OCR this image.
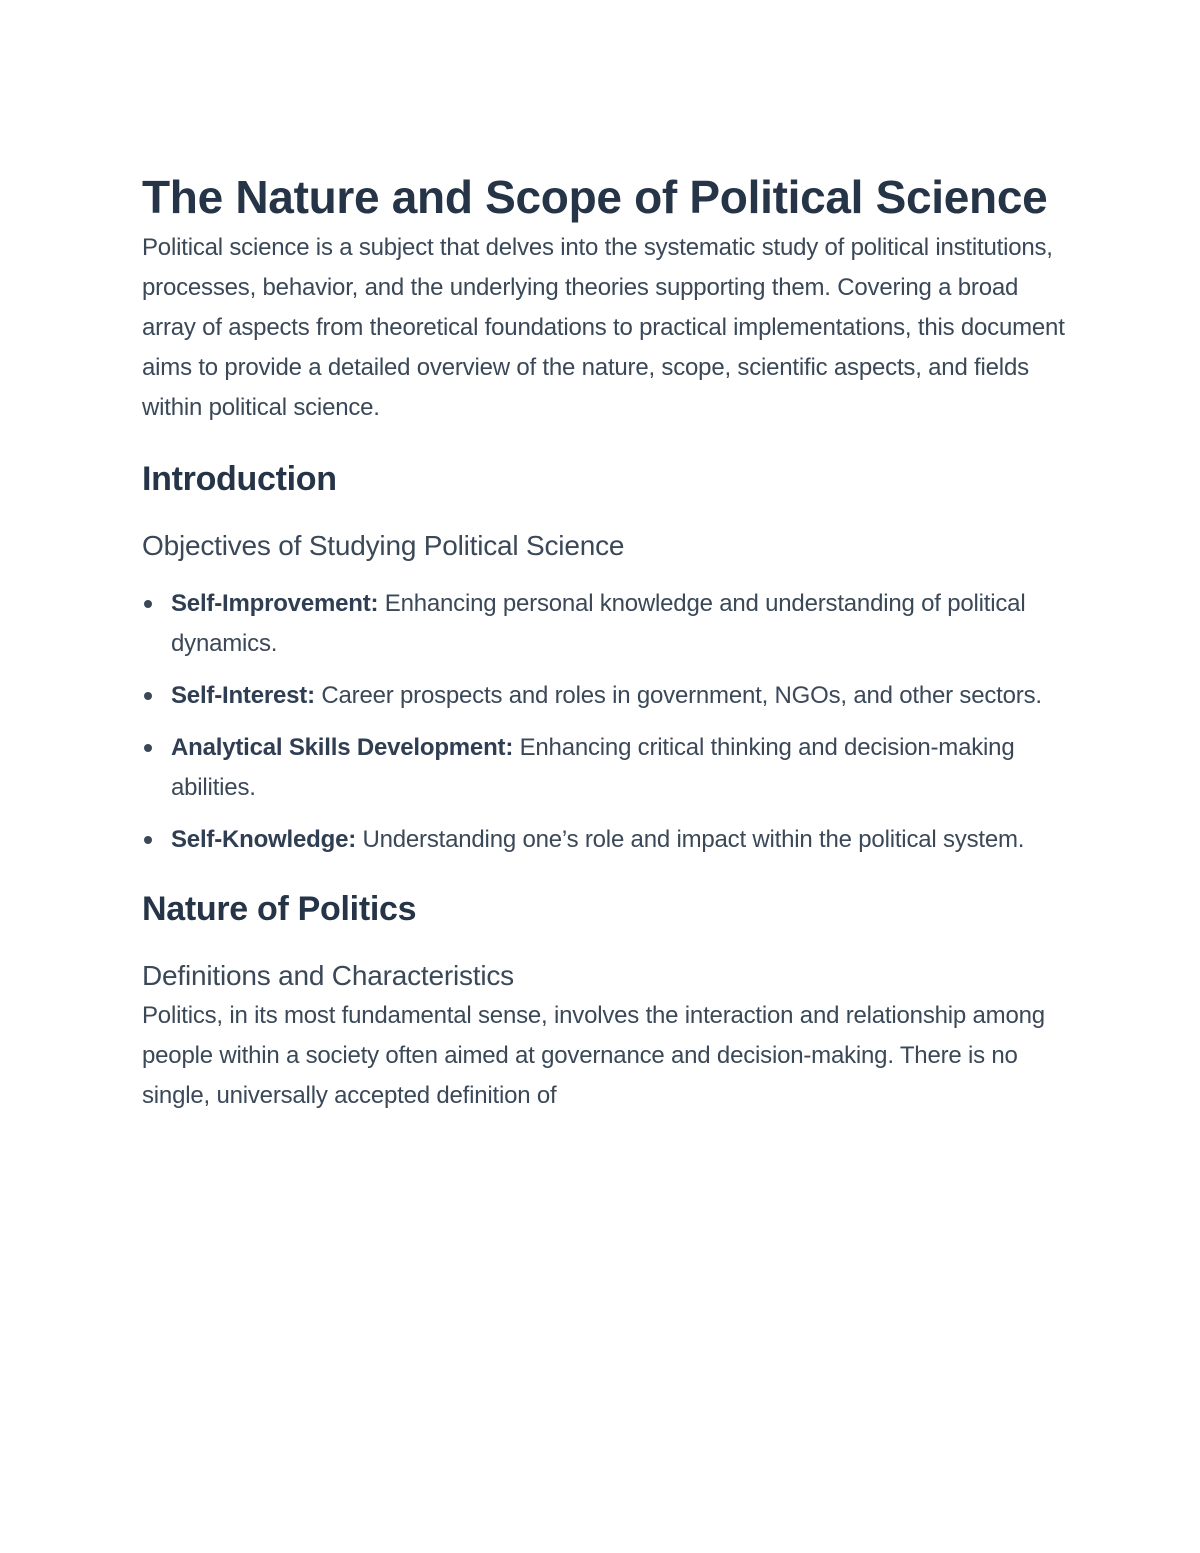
The Nature and Scope of Political Science

Political science is a subject that delves into the systematic study of political institutions, processes, behavior, and the underlying theories supporting them. Covering a broad array of aspects from theoretical foundations to practical implementations, this document aims to provide a detailed overview of the nature, scope, scientific aspects, and fields within political science.

Introduction
Objectives of Studying Political Science
Self-Improvement: Enhancing personal knowledge and understanding of political dynamics.
Self-Interest: Career prospects and roles in government, NGOs, and other sectors.
Analytical Skills Development: Enhancing critical thinking and decision-making abilities.
Self-Knowledge: Understanding one’s role and impact within the political system.
Nature of Politics
Definitions and Characteristics

Politics, in its most fundamental sense, involves the interaction and relationship among people within a society often aimed at governance and decision-making. There is no single, universally accepted definition of
